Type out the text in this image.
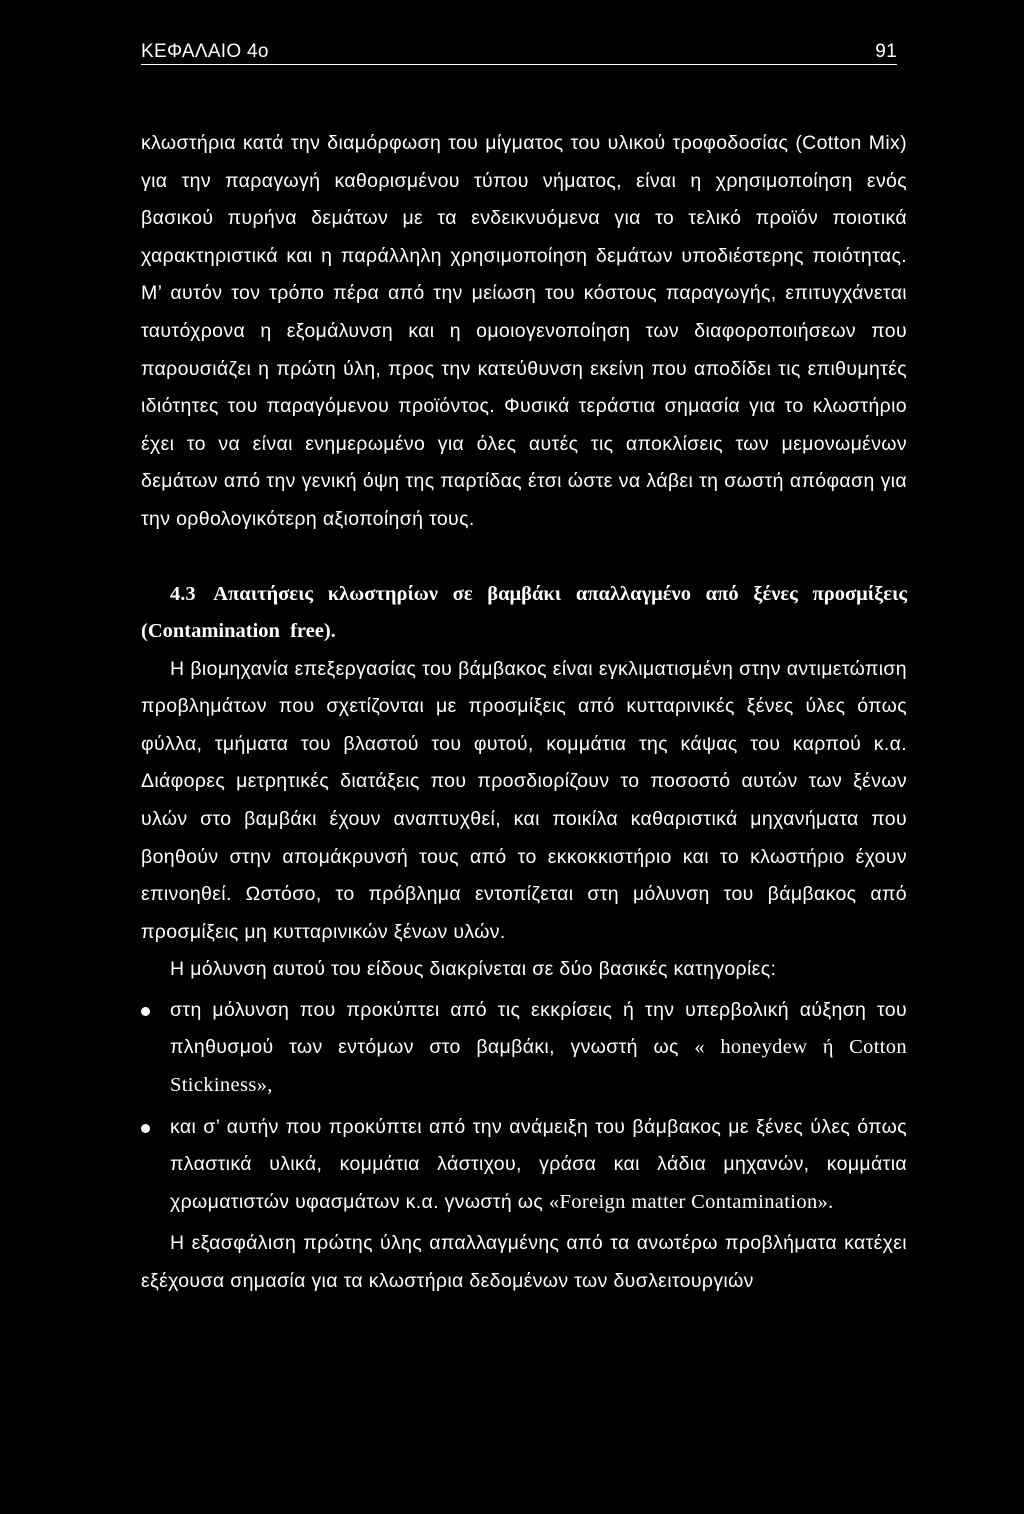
ΚΕΦΑΛΑΙΟ 4ο	91

κλωστήρια κατά την διαμόρφωση του μίγματος του υλικού τροφοδοσίας (Cotton Mix) για την παραγωγή καθορισμένου τύπου νήματος, είναι η χρησιμοποίηση ενός βασικού πυρήνα δεμάτων με τα ενδεικνυόμενα για το τελικό προϊόν ποιοτικά χαρακτηριστικά και η παράλληλη χρησιμοποίηση δεμάτων υποδιέστερης ποιότητας. Μ’ αυτόν τον τρόπο πέρα από την μείωση του κόστους παραγωγής, επιτυγχάνεται ταυτόχρονα η εξομάλυνση και η ομοιογενοποίηση των διαφοροποιήσεων που παρουσιάζει η πρώτη ύλη, προς την κατεύθυνση εκείνη που αποδίδει τις επιθυμητές ιδιότητες του παραγόμενου προϊόντος. Φυσικά τεράστια σημασία για το κλωστήριο έχει το να είναι ενημερωμένο για όλες αυτές τις αποκλίσεις των μεμονωμένων δεμάτων από την γενική όψη της παρτίδας έτσι ώστε να λάβει τη σωστή απόφαση για την ορθολογικότερη αξιοποίησή τους.

4.3 Απαιτήσεις κλωστηρίων σε βαμβάκι απαλλαγμένο από ξένες προσμίξεις (Contamination free).

Η βιομηχανία επεξεργασίας του βάμβακος είναι εγκλιματισμένη στην αντιμετώπιση προβλημάτων που σχετίζονται με προσμίξεις από κυτταρινικές ξένες ύλες όπως φύλλα, τμήματα του βλαστού του φυτού, κομμάτια της κάψας του καρπού κ.α. Διάφορες μετρητικές διατάξεις που προσδιορίζουν το ποσοστό αυτών των ξένων υλών στο βαμβάκι έχουν αναπτυχθεί, και ποικίλα καθαριστικά μηχανήματα που βοηθούν στην απομάκρυνσή τους από το εκκοκκιστήριο και το κλωστήριο έχουν επινοηθεί. Ωστόσο, το πρόβλημα εντοπίζεται στη μόλυνση του βάμβακος από προσμίξεις μη κυτταρινικών ξένων υλών.

Η μόλυνση αυτού του είδους διακρίνεται σε δύο βασικές κατηγορίες:

στη μόλυνση που προκύπτει από τις εκκρίσεις ή την υπερβολική αύξηση του πληθυσμού των εντόμων στο βαμβάκι, γνωστή ως « honeydew ή Cotton Stickiness»,
και σ’ αυτήν που προκύπτει από την ανάμειξη του βάμβακος με ξένες ύλες όπως πλαστικά υλικά, κομμάτια λάστιχου, γράσα και λάδια μηχανών, κομμάτια χρωματιστών υφασμάτων κ.α. γνωστή ως «Foreign matter Contamination».

Η εξασφάλιση πρώτης ύλης απαλλαγμένης από τα ανωτέρω προβλήματα κατέχει εξέχουσα σημασία για τα κλωστήρια δεδομένων των δυσλειτουργιών
